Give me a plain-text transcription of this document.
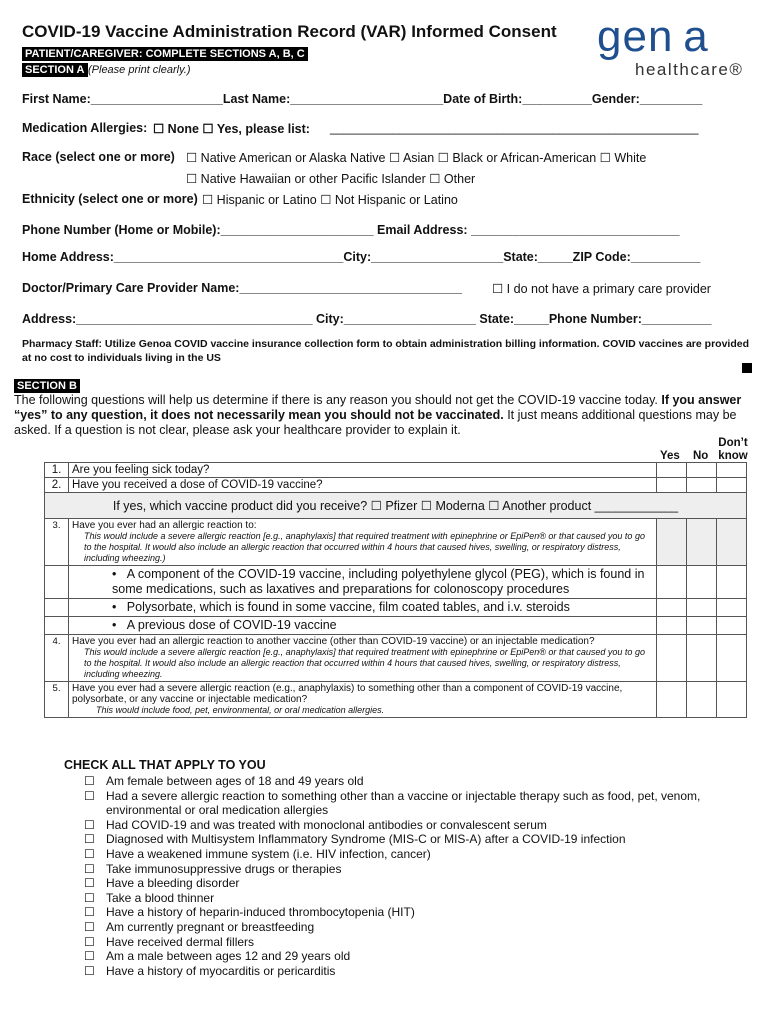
COVID-19 Vaccine Administration Record (VAR) Informed Consent gen a
healthcare®
PATIENT/CAREGIVER: COMPLETE SECTIONS A, B, C
SECTION A (Please print clearly.)
First Name:___________________Last Name:______________________Date of Birth:__________Gender:_________
Medication Allergies: ☐ None ☐ Yes, please list: _____________________________________________________
Race (select one or more) ☐ Native American or Alaska Native ☐ Asian ☐ Black or African-American ☐ White
☐ Native Hawaiian or other Pacific Islander ☐ Other
Ethnicity (select one or more) ☐ Hispanic or Latino ☐ Not Hispanic or Latino
Phone Number (Home or Mobile):______________________ Email Address: ______________________________
Home Address:_________________________________City:___________________State:_____ZIP Code:__________
Doctor/Primary Care Provider Name:________________________________ ☐ I do not have a primary care provider
Address:__________________________________ City:___________________ State:_____Phone Number:__________
Pharmacy Staff: Utilize Genoa COVID vaccine insurance collection form to obtain administration billing information. COVID vaccines are provided at no cost to individuals living in the US
SECTION B
The following questions will help us determine if there is any reason you should not get the COVID-19 vaccine today. If you answer “yes” to any question, it does not necessarily mean you should not be vaccinated. It just means additional questions may be asked. If a question is not clear, please ask your healthcare provider to explain it.
Yes No
Don’t know
1.	Are you feeling sick today?			
2.	Have you received a dose of COVID-19 vaccine?			
If yes, which vaccine product did you receive? ☐ Pfizer ☐ Moderna ☐ Another product ____________				
3.	Have you ever had an allergic reaction to:
This would include a severe allergic reaction [e.g., anaphylaxis] that required treatment with epinephrine or EpiPen® or that caused you to go to the hospital. It would also include an allergic reaction that occurred within 4 hours that caused hives, swelling, or respiratory distress, including wheezing.)			

	•   A component of the COVID-19 vaccine, including polyethylene glycol (PEG), which is found in some medications, such as laxatives and preparations for colonoscopy procedures			

	•   Polysorbate, which is found in some vaccine, film coated tables, and i.v. steroids			

	•   A previous dose of COVID-19 vaccine			

4.	Have you ever had an allergic reaction to another vaccine (other than COVID-19 vaccine) or an injectable medication?
This would include a severe allergic reaction [e.g., anaphylaxis] that required treatment with epinephrine or EpiPen® or that caused you to go to the hospital. It would also include an allergic reaction that occurred within 4 hours that caused hives, swelling, or respiratory distress, including wheezing.			

5.	Have you ever had a severe allergic reaction (e.g., anaphylaxis) to something other than a component of COVID-19 vaccine, polysorbate, or any vaccine or injectable medication?
This would include food, pet, environmental, or oral medication allergies.			

CHECK ALL THAT APPLY TO YOU
☐ Am female between ages of 18 and 49 years old
☐ Had a severe allergic reaction to something other than a vaccine or injectable therapy such as food, pet, venom, environmental or oral medication allergies
☐ Had COVID-19 and was treated with monoclonal antibodies or convalescent serum
☐ Diagnosed with Multisystem Inflammatory Syndrome (MIS-C or MIS-A) after a COVID-19 infection
☐ Have a weakened immune system (i.e. HIV infection, cancer)
☐ Take immunosuppressive drugs or therapies
☐ Have a bleeding disorder
☐ Take a blood thinner
☐ Have a history of heparin-induced thrombocytopenia (HIT)
☐ Am currently pregnant or breastfeeding
☐ Have received dermal fillers
☐ Am a male between ages 12 and 29 years old
☐ Have a history of myocarditis or pericarditis
